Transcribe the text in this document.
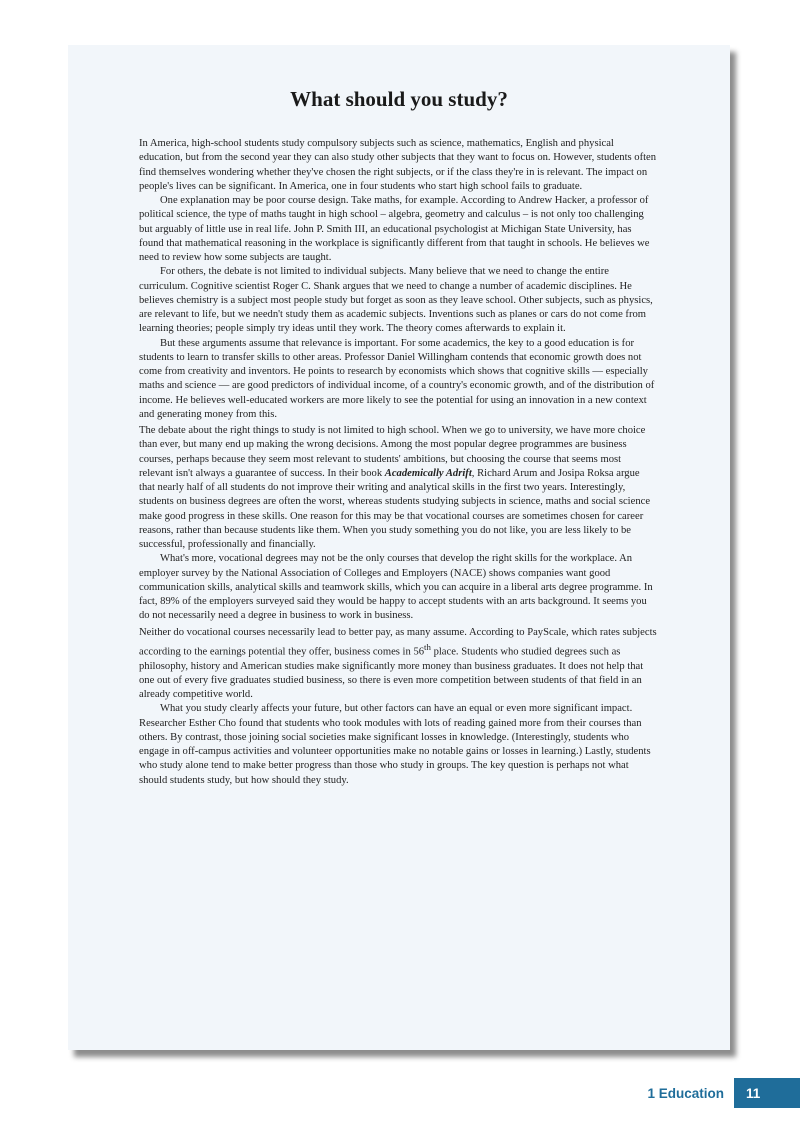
What should you study?

In America, high-school students study compulsory subjects such as science, mathematics, English and physical education, but from the second year they can also study other subjects that they want to focus on. However, students often find themselves wondering whether they've chosen the right subjects, or if the class they're in is relevant. The impact on people's lives can be significant. In America, one in four students who start high school fails to graduate.

One explanation may be poor course design. Take maths, for example. According to Andrew Hacker, a professor of political science, the type of maths taught in high school – algebra, geometry and calculus – is not only too challenging but arguably of little use in real life. John P. Smith III, an educational psychologist at Michigan State University, has found that mathematical reasoning in the workplace is significantly different from that taught in schools. He believes we need to review how some subjects are taught.

For others, the debate is not limited to individual subjects. Many believe that we need to change the entire curriculum. Cognitive scientist Roger C. Shank argues that we need to change a number of academic disciplines. He believes chemistry is a subject most people study but forget as soon as they leave school. Other subjects, such as physics, are relevant to life, but we needn't study them as academic subjects. Inventions such as planes or cars do not come from learning theories; people simply try ideas until they work. The theory comes afterwards to explain it.

But these arguments assume that relevance is important. For some academics, the key to a good education is for students to learn to transfer skills to other areas. Professor Daniel Willingham contends that economic growth does not come from creativity and inventors. He points to research by economists which shows that cognitive skills — especially maths and science — are good predictors of individual income, of a country's economic growth, and of the distribution of income. He believes well-educated workers are more likely to see the potential for using an innovation in a new context and generating money from this.

The debate about the right things to study is not limited to high school. When we go to university, we have more choice than ever, but many end up making the wrong decisions. Among the most popular degree programmes are business courses, perhaps because they seem most relevant to students' ambitions, but choosing the course that seems most relevant isn't always a guarantee of success. In their book Academically Adrift, Richard Arum and Josipa Roksa argue that nearly half of all students do not improve their writing and analytical skills in the first two years. Interestingly, students on business degrees are often the worst, whereas students studying subjects in science, maths and social science make good progress in these skills. One reason for this may be that vocational courses are sometimes chosen for career reasons, rather than because students like them. When you study something you do not like, you are less likely to be successful, professionally and financially.

What's more, vocational degrees may not be the only courses that develop the right skills for the workplace. An employer survey by the National Association of Colleges and Employers (NACE) shows companies want good communication skills, analytical skills and teamwork skills, which you can acquire in a liberal arts degree programme. In fact, 89% of the employers surveyed said they would be happy to accept students with an arts background. It seems you do not necessarily need a degree in business to work in business.

Neither do vocational courses necessarily lead to better pay, as many assume. According to PayScale, which rates subjects according to the earnings potential they offer, business comes in 56th place. Students who studied degrees such as philosophy, history and American studies make significantly more money than business graduates. It does not help that one out of every five graduates studied business, so there is even more competition between students of that field in an already competitive world.

What you study clearly affects your future, but other factors can have an equal or even more significant impact. Researcher Esther Cho found that students who took modules with lots of reading gained more from their courses than others. By contrast, those joining social societies make significant losses in knowledge. (Interestingly, students who engage in off-campus activities and volunteer opportunities make no notable gains or losses in learning.) Lastly, students who study alone tend to make better progress than those who study in groups. The key question is perhaps not what should students study, but how should they study.

1 Education	11
